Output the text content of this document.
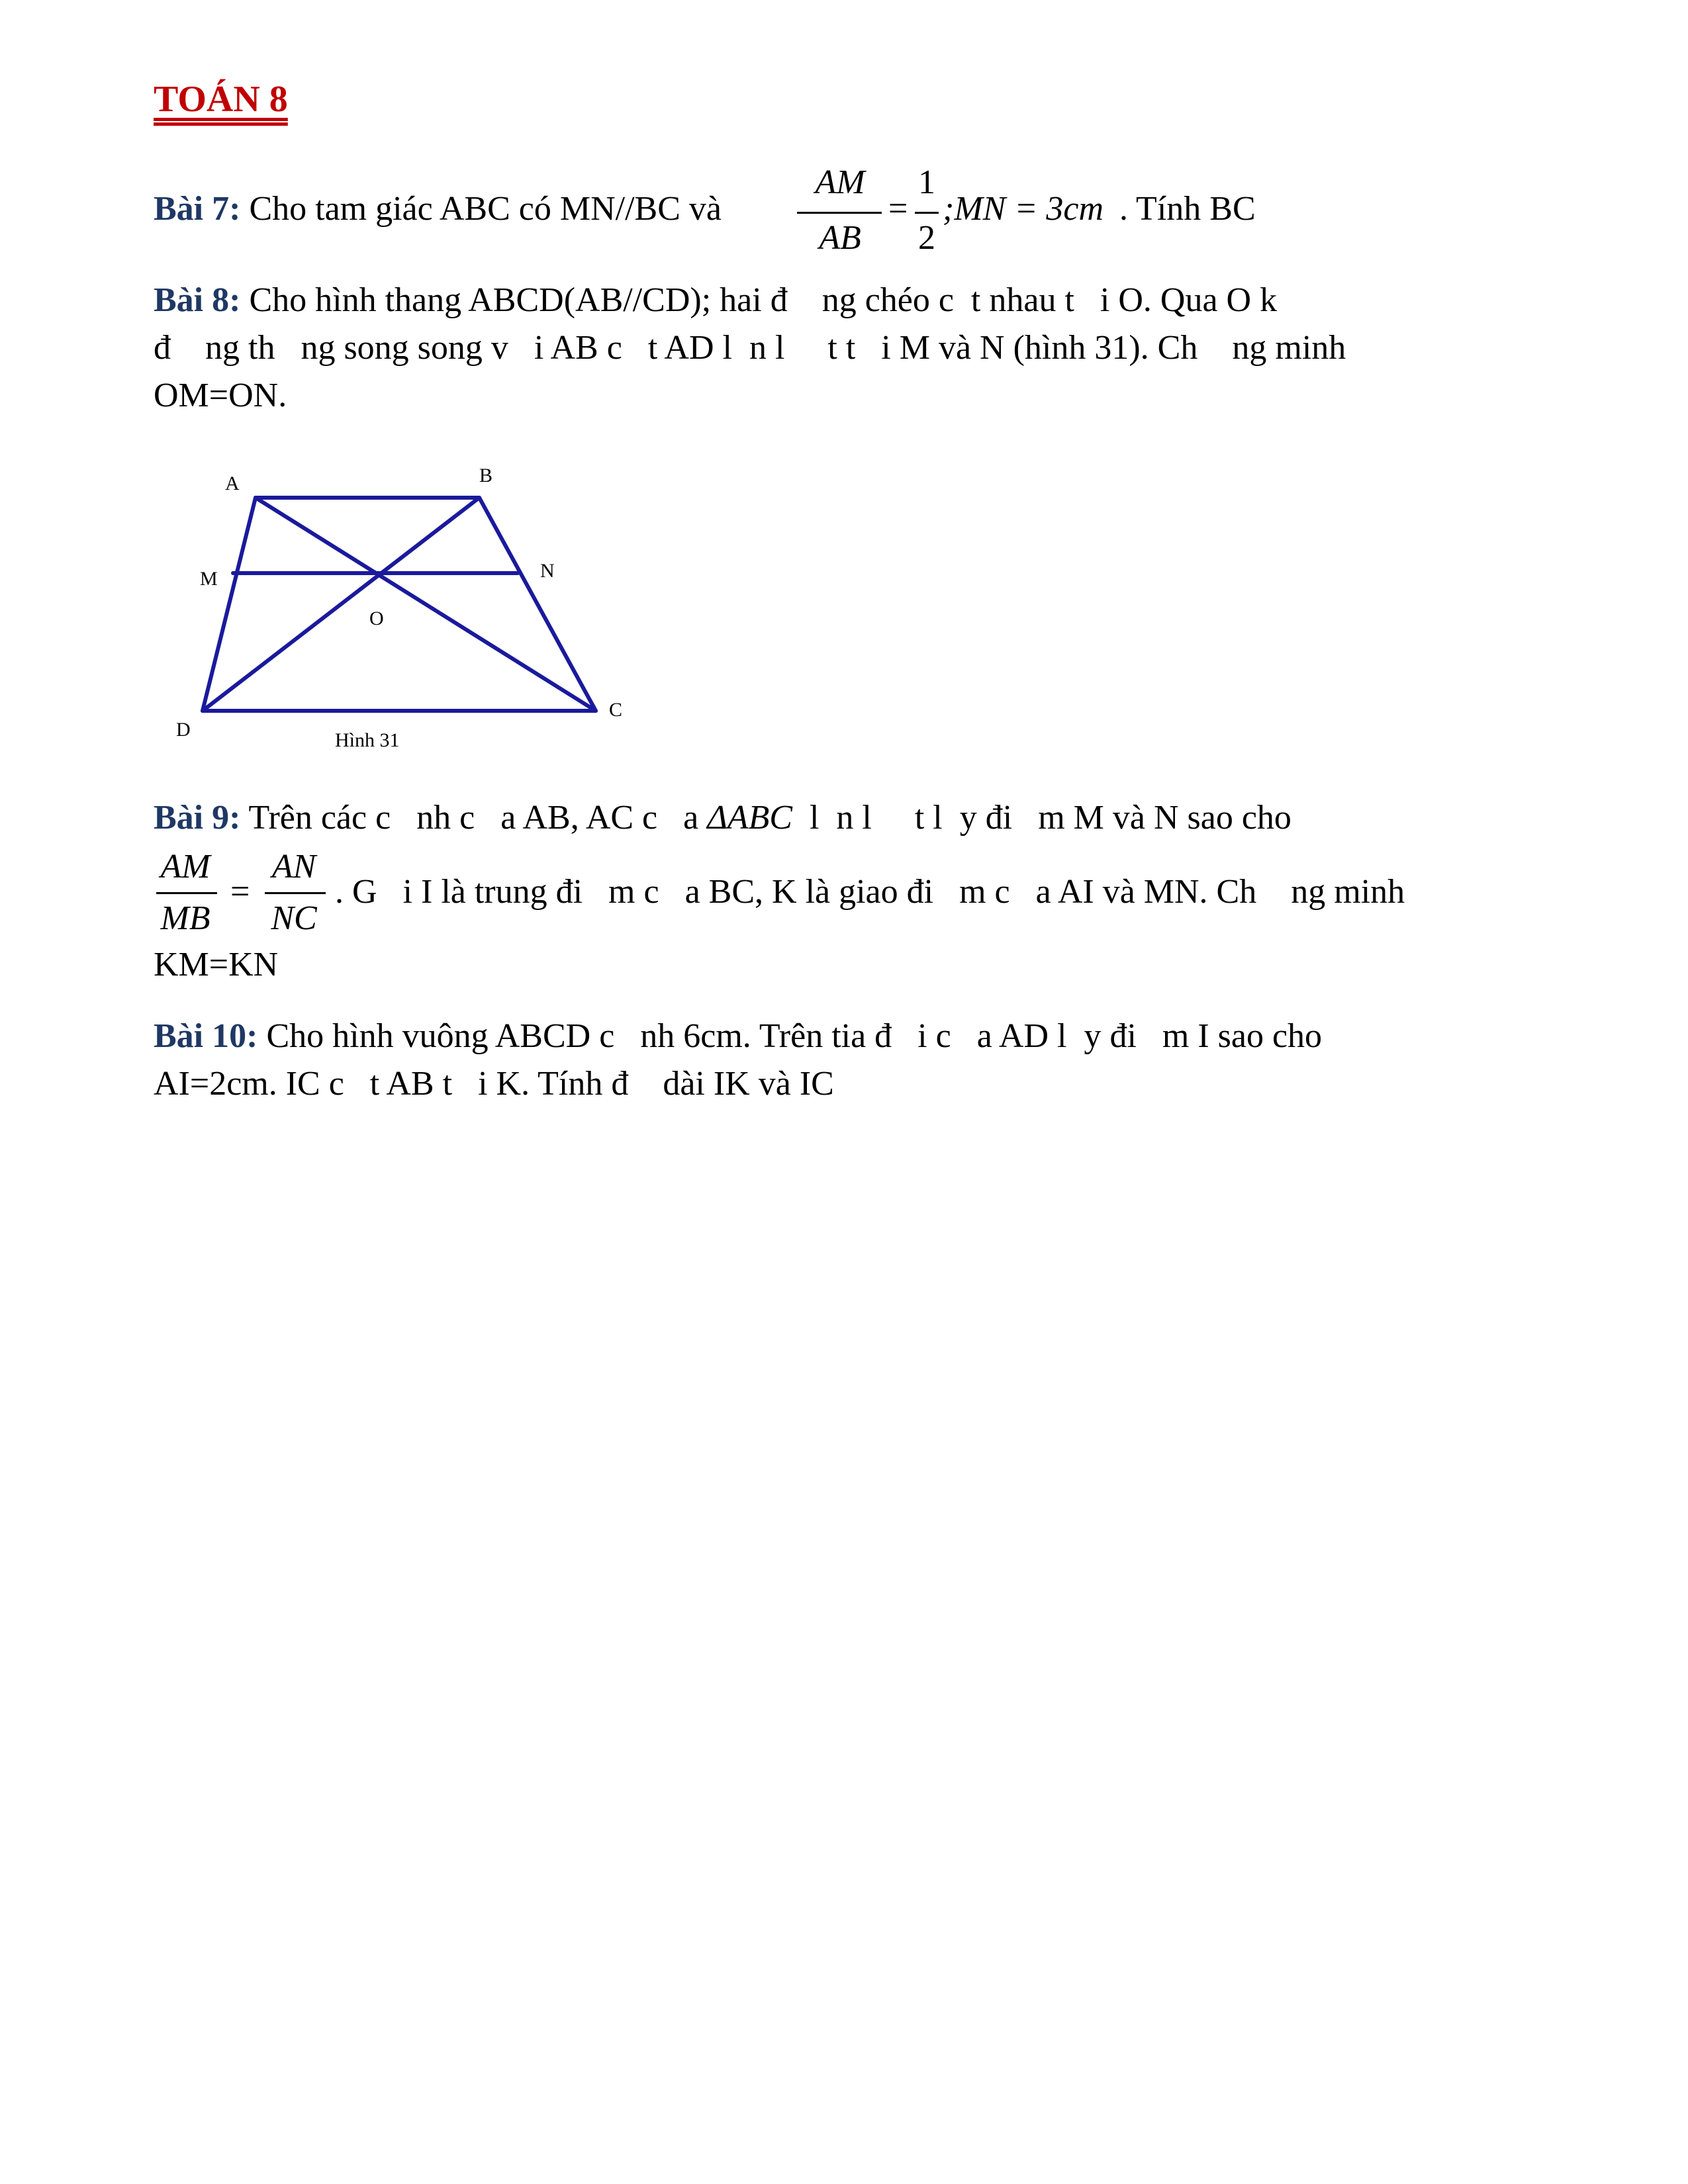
TOÁN 8
Bài 7: Cho tam giác ABC có MN//BC và
AM
AB
=
1
2
;MN = 3cm . Tính BC
Bài 8: Cho hình thang ABCD(AB//CD); hai đ    ng chéo c  t nhau t   i O. Qua O k
đ    ng th   ng song song v   i AB c   t AD l  n l     t t   i M và N (hình 31). Ch    ng minh
OM=ON.
A	B
M	N
O
D
C
Hình 31
Bài 9: Trên các c   nh c   a AB, AC c   a ΔABC  l  n l     t l  y đi   m M và N sao cho
AM
MB
=
AN
NC
. G   i I là trung đi   m c   a BC, K là giao đi   m c   a AI và MN. Ch    ng minh
KM=KN
Bài 10: Cho hình vuông ABCD c   nh 6cm. Trên tia đ   i c   a AD l  y đi   m I sao cho
AI=2cm. IC c   t AB t   i K. Tính đ    dài IK và IC
